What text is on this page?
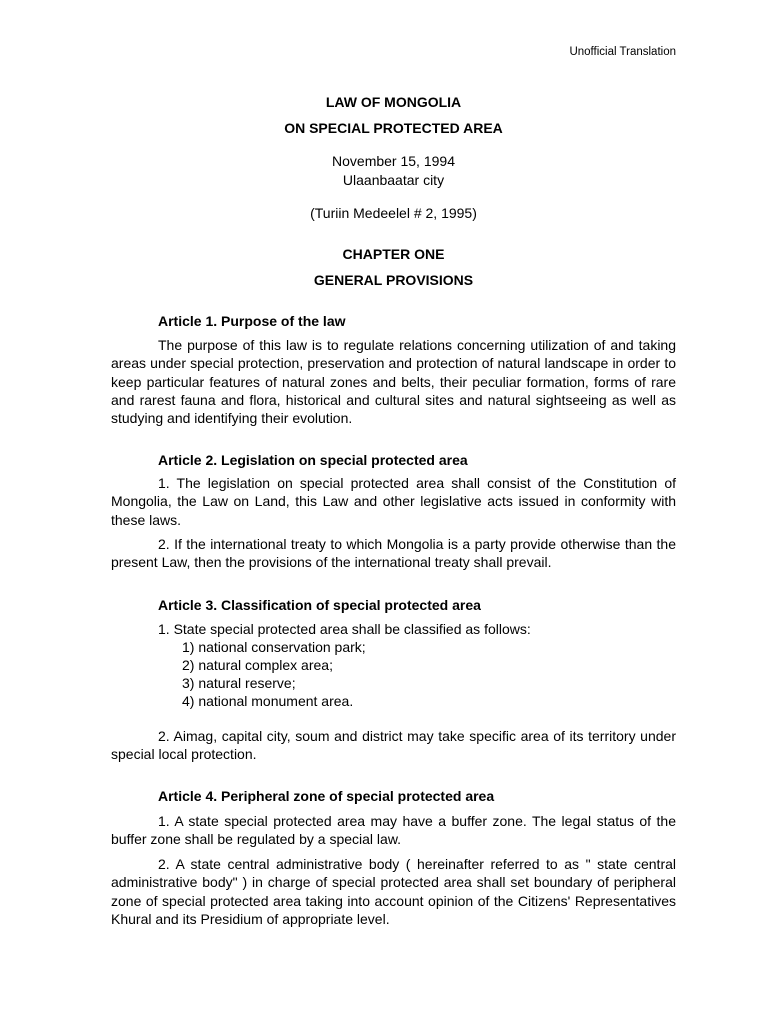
Unofficial Translation
LAW OF MONGOLIA
ON SPECIAL PROTECTED AREA
November 15, 1994
Ulaanbaatar city
(Turiin Medeelel # 2, 1995)
CHAPTER ONE
GENERAL PROVISIONS
Article 1. Purpose of the law
The purpose of this law is to regulate relations concerning utilization of and taking areas under special protection, preservation and protection of natural landscape in order to keep particular features of natural zones and belts, their peculiar formation, forms of rare and rarest fauna and flora, historical and cultural sites and natural sightseeing as well as studying and identifying their evolution.
Article 2. Legislation on special protected area
1. The legislation on special protected area shall consist of the Constitution of Mongolia, the Law on Land, this Law and other legislative acts issued in conformity with these laws.
2. If the international treaty to which Mongolia is a party provide otherwise than the present Law, then the provisions of the international treaty shall prevail.
Article 3. Classification of special protected area
1. State special protected area shall be classified as follows:
1) national conservation park;
2) natural complex area;
3) natural reserve;
4) national monument area.
2. Aimag, capital city, soum and district may take specific area of its territory under special local protection.
Article 4. Peripheral zone of special protected area
1. A state special protected area may have a buffer zone. The legal status of the buffer zone shall be regulated by a special law.
2. A state central administrative body ( hereinafter referred to as " state central administrative body" ) in charge of special protected area shall set boundary of peripheral zone of special protected area taking into account opinion of the Citizens' Representatives Khural and its Presidium of appropriate level.
